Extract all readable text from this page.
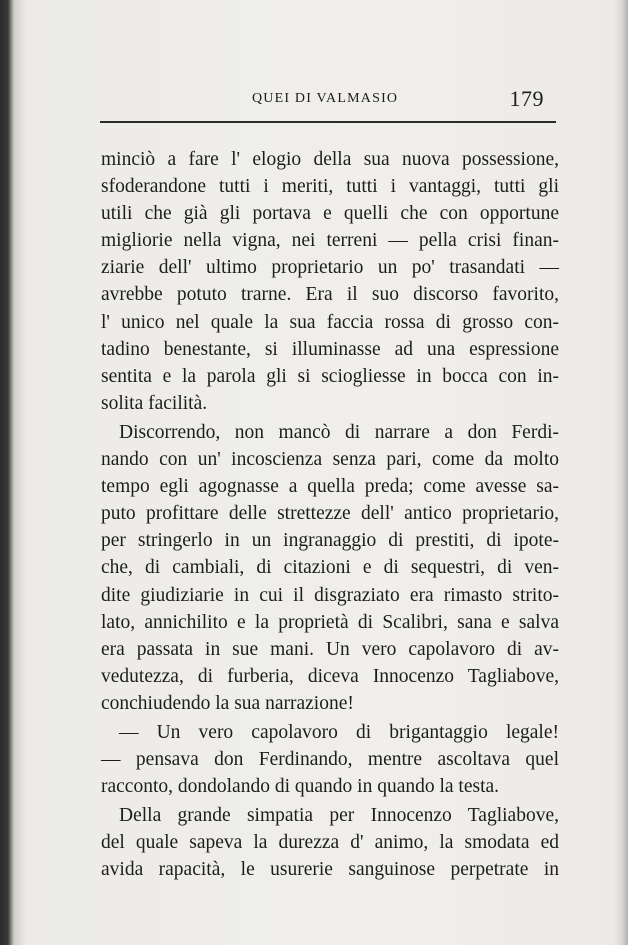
QUEI DI VALMASIO	179
minciò a fare l' elogio della sua nuova possessione,
sfoderandone tutti i meriti, tutti i vantaggi, tutti gli
utili che già gli portava e quelli che con opportune
migliorie nella vigna, nei terreni — pella crisi finan-
ziarie dell' ultimo proprietario un po' trasandati —
avrebbe potuto trarne. Era il suo discorso favorito,
l' unico nel quale la sua faccia rossa di grosso con-
tadino benestante, si illuminasse ad una espressione
sentita e la parola gli si sciogliesse in bocca con in-
solita facilità.
Discorrendo, non mancò di narrare a don Ferdi-
nando con un' incoscienza senza pari, come da molto
tempo egli agognasse a quella preda; come avesse sa-
puto profittare delle strettezze dell' antico proprietario,
per stringerlo in un ingranaggio di prestiti, di ipote-
che, di cambiali, di citazioni e di sequestri, di ven-
dite giudiziarie in cui il disgraziato era rimasto strito-
lato, annichilito e la proprietà di Scalibri, sana e salva
era passata in sue mani. Un vero capolavoro di av-
vedutezza, di furberia, diceva Innocenzo Tagliabove,
conchiudendo la sua narrazione!
— Un vero capolavoro di brigantaggio legale!
— pensava don Ferdinando, mentre ascoltava quel
racconto, dondolando di quando in quando la testa.
Della grande simpatia per Innocenzo Tagliabove,
del quale sapeva la durezza d' animo, la smodata ed
avida rapacità, le usurerie sanguinose perpetrate in
